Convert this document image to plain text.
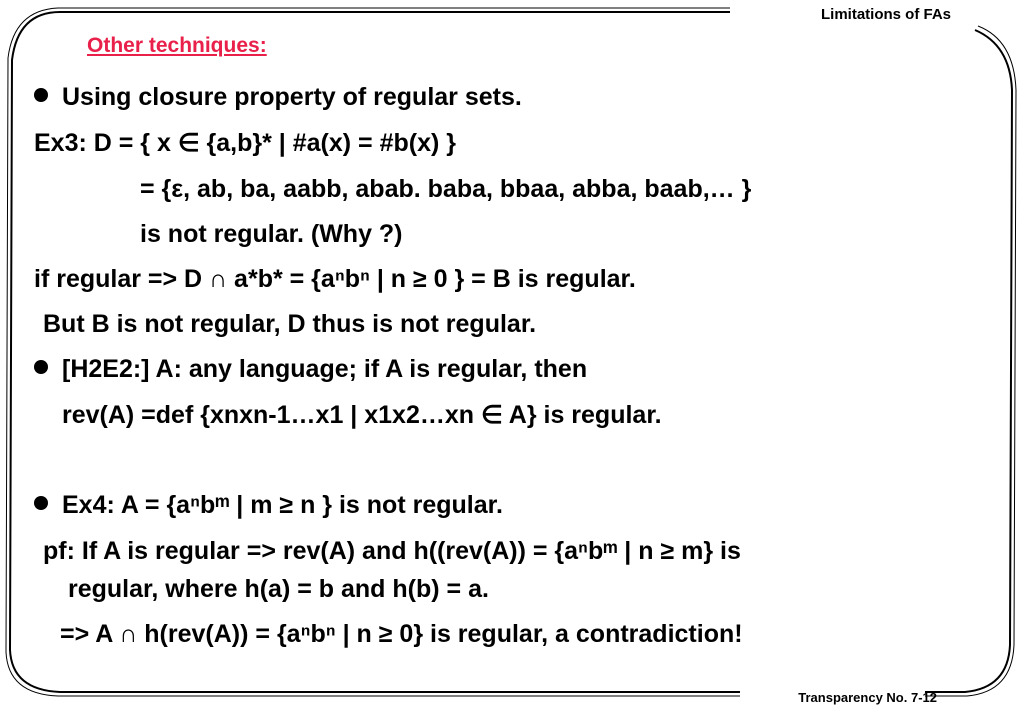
Limitations of FAs
Other techniques:
Using closure property of regular sets.
Ex3: D = { x ∈ {a,b}* | #a(x) = #b(x) }
= {ε, ab, ba, aabb, abab. baba, bbaa, abba, baab,… }
is not regular. (Why ?)
if regular => D ∩ a*b* = {aⁿbⁿ | n ≥ 0 } = B is regular.
But B is not regular, D thus is not regular.
[H2E2:] A: any language; if A is regular, then
rev(A) =def {xnxn-1…x1 | x1x2…xn ∈ A} is regular.
Ex4: A = {aⁿbᵐ | m ≥ n } is not regular.
pf: If A is regular => rev(A) and h((rev(A)) = {aⁿbᵐ | n ≥ m} is
regular, where h(a) = b and h(b) = a.
=> A ∩ h(rev(A)) = {aⁿbⁿ | n ≥ 0} is regular, a contradiction!
Transparency No. 7-12
